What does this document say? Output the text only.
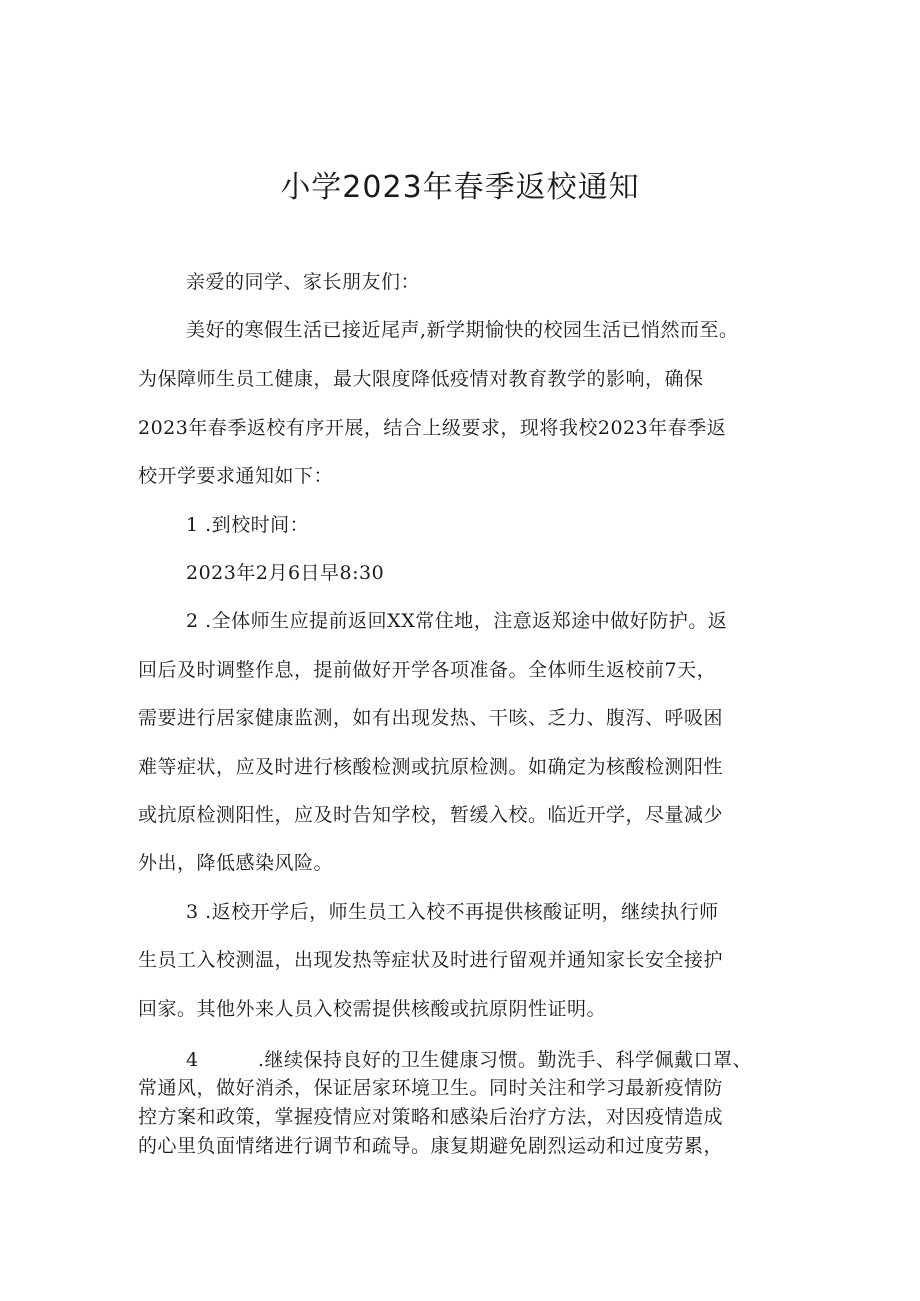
小学2023年春季返校通知
亲爱的同学、家长朋友们：
美好的寒假生活已接近尾声,新学期愉快的校园生活已悄然而至。
为保障师生员工健康，最大限度降低疫情对教育教学的影响，确保
2023年春季返校有序开展，结合上级要求，现将我校2023年春季返
校开学要求通知如下：
1 .到校时间：
2023年2月6日早8:30
2 .全体师生应提前返回XX常住地，注意返郑途中做好防护。返
回后及时调整作息，提前做好开学各项准备。全体师生返校前7天，
需要进行居家健康监测，如有出现发热、干咳、乏力、腹泻、呼吸困
难等症状，应及时进行核酸检测或抗原检测。如确定为核酸检测阳性
或抗原检测阳性，应及时告知学校，暂缓入校。临近开学，尽量减少
外出，降低感染风险。
3 .返校开学后，师生员工入校不再提供核酸证明，继续执行师
生员工入校测温，出现发热等症状及时进行留观并通知家长安全接护
回家。其他外来人员入校需提供核酸或抗原阴性证明。
4	.继续保持良好的卫生健康习惯。勤洗手、科学佩戴口罩、
常通风，做好消杀，保证居家环境卫生。同时关注和学习最新疫情防
控方案和政策，掌握疫情应对策略和感染后治疗方法，对因疫情造成
的心里负面情绪进行调节和疏导。康复期避免剧烈运动和过度劳累，
